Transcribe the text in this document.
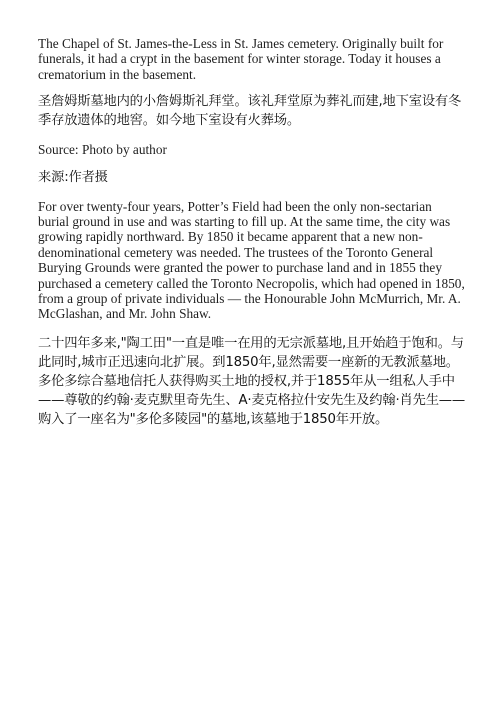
The Chapel of St. James-the-Less in St. James cemetery. Originally built for funerals, it had a crypt in the basement for winter storage. Today it houses a crematorium in the basement.

圣詹姆斯墓地内的小詹姆斯礼拜堂。该礼拜堂原为葬礼而建,地下室设有冬季存放遗体的地窖。如今地下室设有火葬场。

Source: Photo by author

来源:作者摄

For over twenty-four years, Potter’s Field had been the only non-sectarian burial ground in use and was starting to fill up. At the same time, the city was growing rapidly northward. By 1850 it became apparent that a new non-denominational cemetery was needed. The trustees of the Toronto General Burying Grounds were granted the power to purchase land and in 1855 they purchased a cemetery called the Toronto Necropolis, which had opened in 1850, from a group of private individuals — the Honourable John McMurrich, Mr. A. McGlashan, and Mr. John Shaw.

二十四年多来,"陶工田"一直是唯一在用的无宗派墓地,且开始趋于饱和。与此同时,城市正迅速向北扩展。到1850年,显然需要一座新的无教派墓地。多伦多综合墓地信托人获得购买土地的授权,并于1855年从一组私人手中——尊敬的约翰·麦克默里奇先生、A·麦克格拉什安先生及约翰·肖先生——购入了一座名为"多伦多陵园"的墓地,该墓地于1850年开放。
